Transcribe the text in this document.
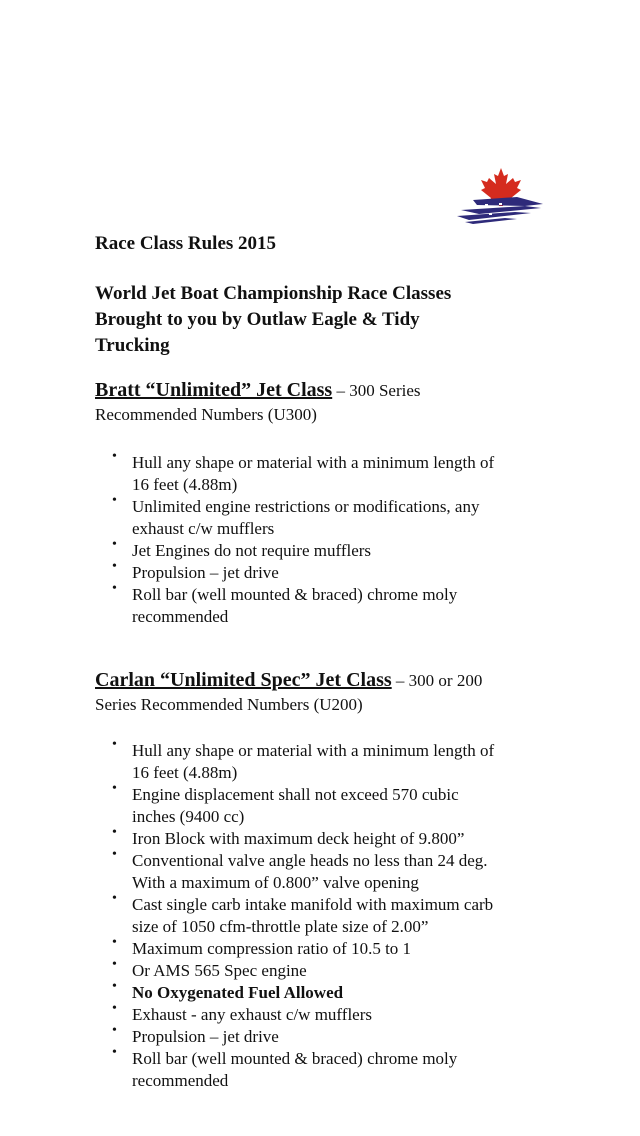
Race Class Rules 2015
World Jet Boat Championship Race Classes
Brought to you by Outlaw Eagle & Tidy
Trucking
Bratt “Unlimited” Jet Class – 300 Series
Recommended Numbers (U300)
• Hull any shape or material with a minimum length of
16 feet (4.88m)
• Unlimited engine restrictions or modifications, any
exhaust c/w mufflers
• Jet Engines do not require mufflers
• Propulsion – jet drive
• Roll bar (well mounted & braced) chrome moly
recommended
Carlan “Unlimited Spec” Jet Class – 300 or 200
Series Recommended Numbers (U200)
• Hull any shape or material with a minimum length of
16 feet (4.88m)
• Engine displacement shall not exceed 570 cubic
inches (9400 cc)
• Iron Block with maximum deck height of 9.800”
• Conventional valve angle heads no less than 24 deg.
With a maximum of 0.800” valve opening
• Cast single carb intake manifold with maximum carb
size of 1050 cfm-throttle plate size of 2.00”
• Maximum compression ratio of 10.5 to 1
• Or AMS 565 Spec engine
• No Oxygenated Fuel Allowed
• Exhaust - any exhaust c/w mufflers
• Propulsion – jet drive
• Roll bar (well mounted & braced) chrome moly
recommended
